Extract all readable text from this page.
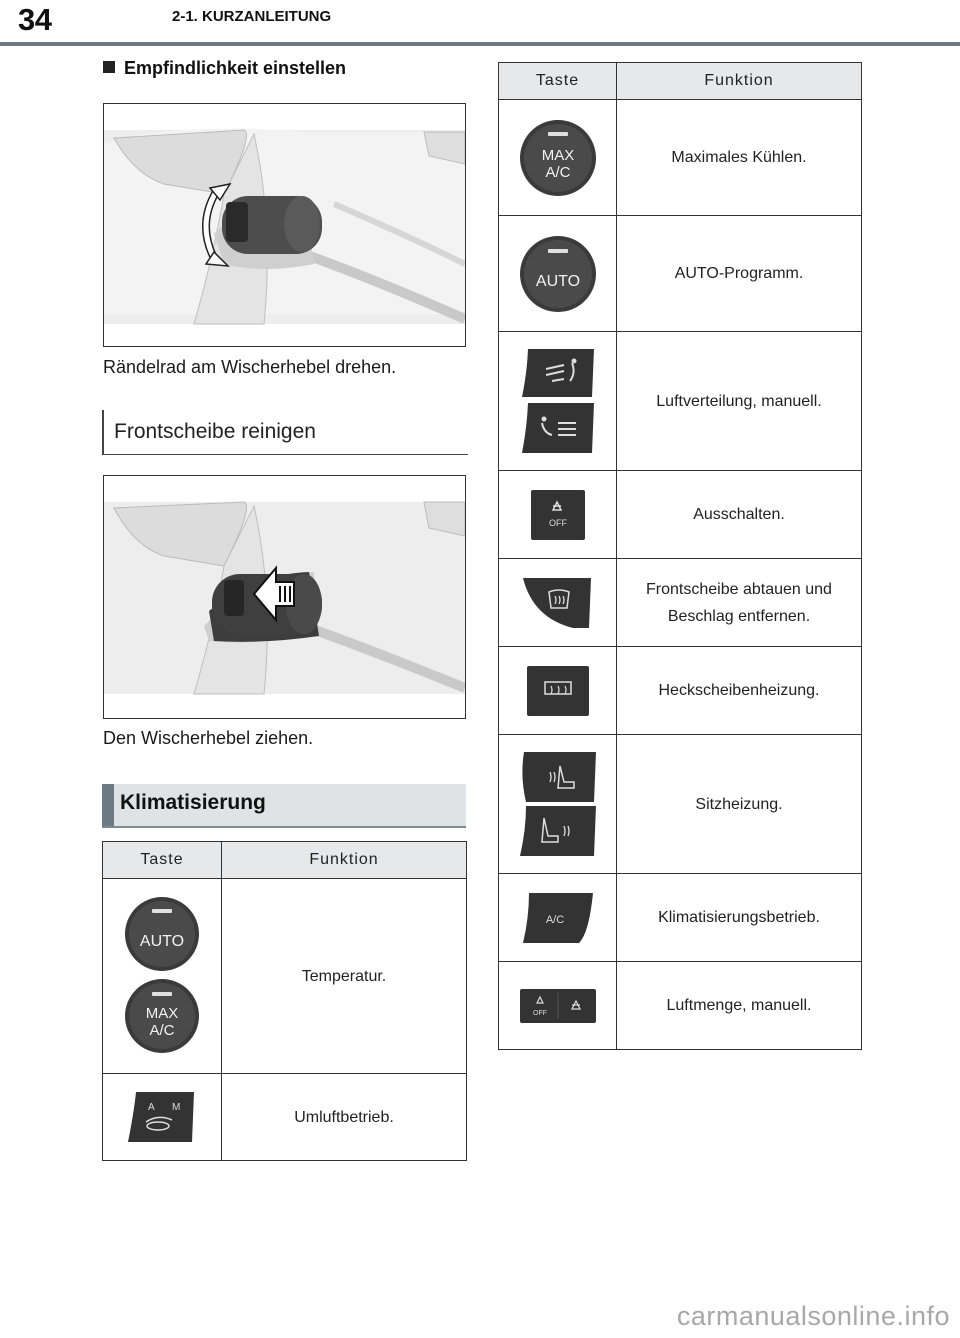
34	2-1. KURZANLEITUNG
Empfindlichkeit einstellen
Rändelrad am Wischerhebel drehen.
Frontscheibe reinigen
Den Wischerhebel ziehen.
Klimatisierung
Taste	Funktion

AUTO
MAX
A/C	Temperatur.

A M	Umluftbetrieb.
Taste	Funktion

MAX
A/C	Maximales Kühlen.

AUTO	AUTO-Programm.

	Luftverteilung, manuell.

OFF	Ausschalten.

	Frontscheibe abtauen und
Beschlag entfernen.

	Heckscheibenheizung.

	Sitzheizung.

A/C	Klimatisierungsbetrieb.

OFF	Luftmenge, manuell.
carmanualsonline.info
